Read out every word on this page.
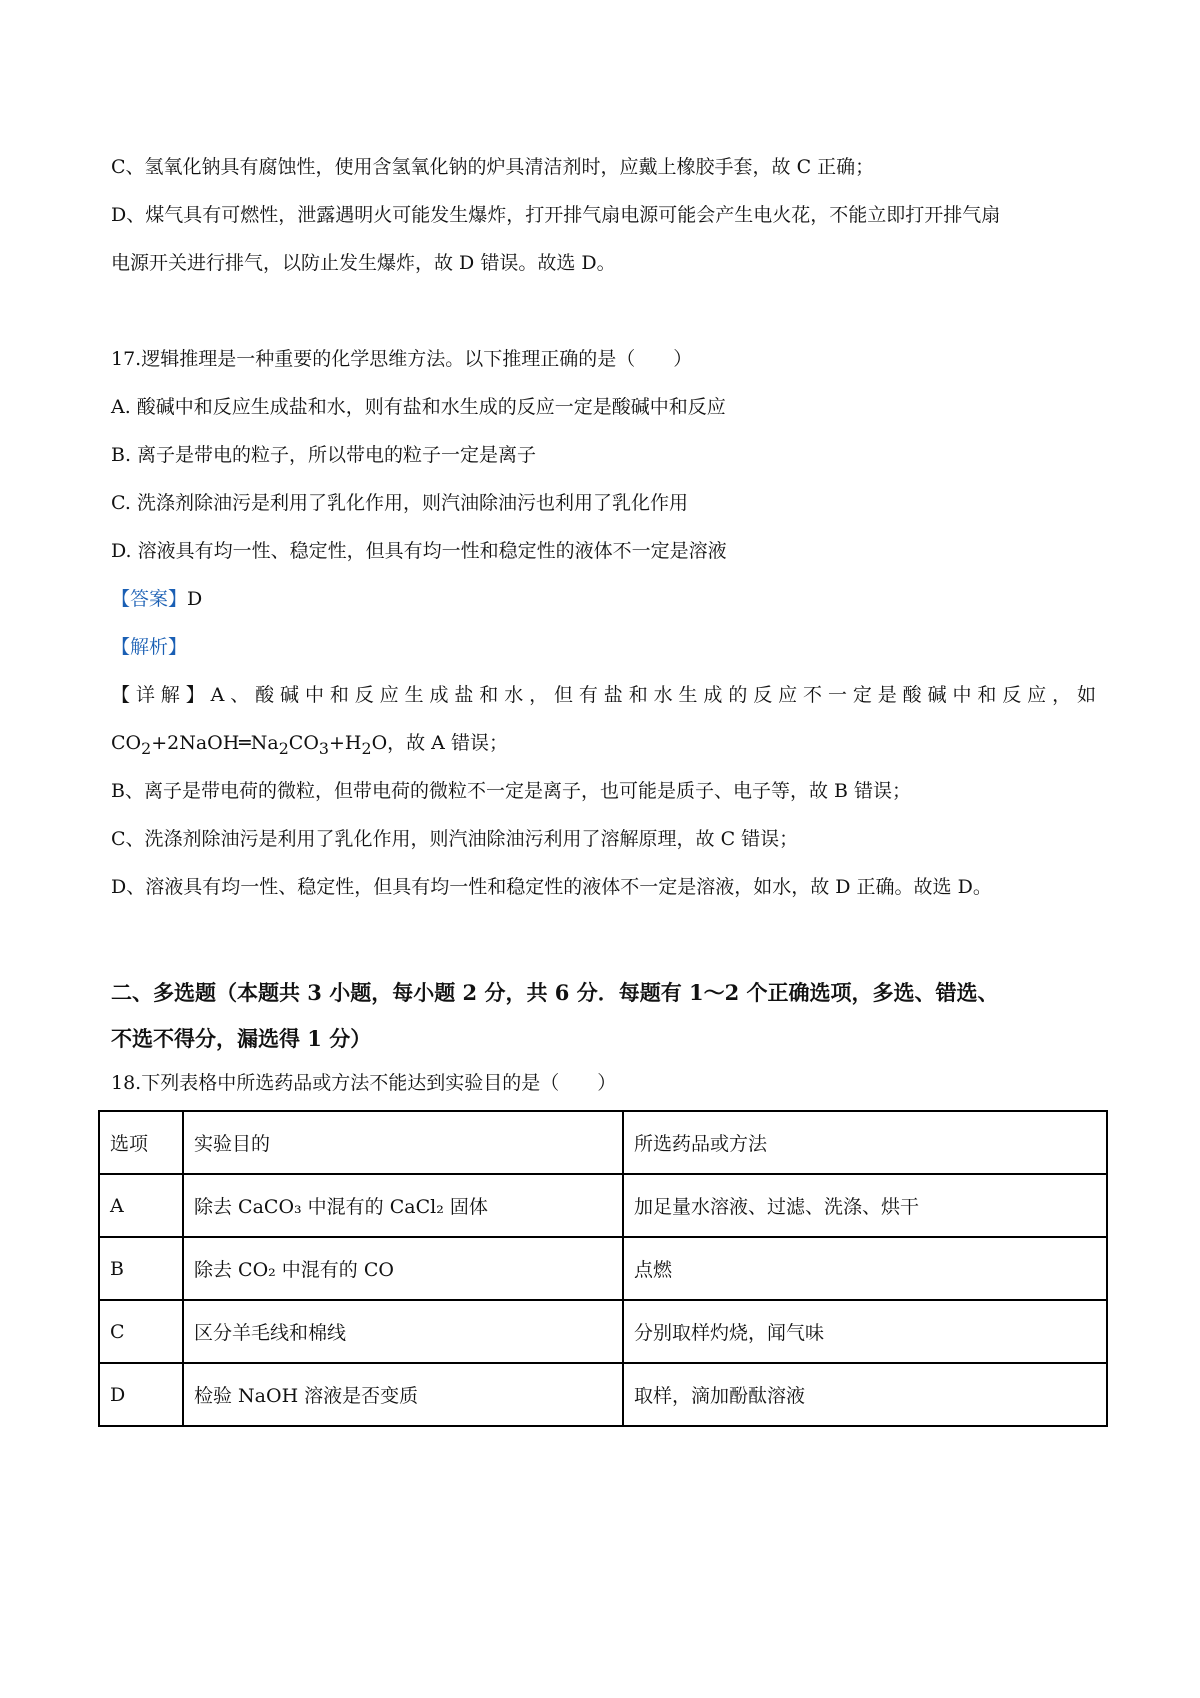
C、氢氧化钠具有腐蚀性，使用含氢氧化钠的炉具清洁剂时，应戴上橡胶手套，故 C 正确；
D、煤气具有可燃性，泄露遇明火可能发生爆炸，打开排气扇电源可能会产生电火花，不能立即打开排气扇
电源开关进行排气，以防止发生爆炸，故 D 错误。故选 D。
17.逻辑推理是一种重要的化学思维方法。以下推理正确的是（　　）
A. 酸碱中和反应生成盐和水，则有盐和水生成的反应一定是酸碱中和反应
B. 离子是带电的粒子，所以带电的粒子一定是离子
C. 洗涤剂除油污是利用了乳化作用，则汽油除油污也利用了乳化作用
D. 溶液具有均一性、稳定性，但具有均一性和稳定性的液体不一定是溶液
【答案】D
【解析】
【详解】A、酸碱中和反应生成盐和水，但有盐和水生成的反应不一定是酸碱中和反应，如
$CO_2+2NaOH═Na_2CO_3+H_2O$，故 A 错误；
B、离子是带电荷的微粒，但带电荷的微粒不一定是离子，也可能是质子、电子等，故 B 错误；
C、洗涤剂除油污是利用了乳化作用，则汽油除油污利用了溶解原理，故 C 错误；
D、溶液具有均一性、稳定性，但具有均一性和稳定性的液体不一定是溶液，如水，故 D 正确。故选 D。
二、多选题（本题共 3 小题，每小题 2 分，共 6 分．每题有 1～2 个正确选项，多选、错选、
不选不得分，漏选得 1 分）
18.下列表格中所选药品或方法不能达到实验目的是（　　）
选项	实验目的	所选药品或方法
A	除去 CaCO₃ 中混有的 CaCl₂ 固体	加足量水溶液、过滤、洗涤、烘干
B	除去 CO₂ 中混有的 CO	点燃
C	区分羊毛线和棉线	分别取样灼烧，闻气味
D	检验 NaOH 溶液是否变质	取样，滴加酚酞溶液
